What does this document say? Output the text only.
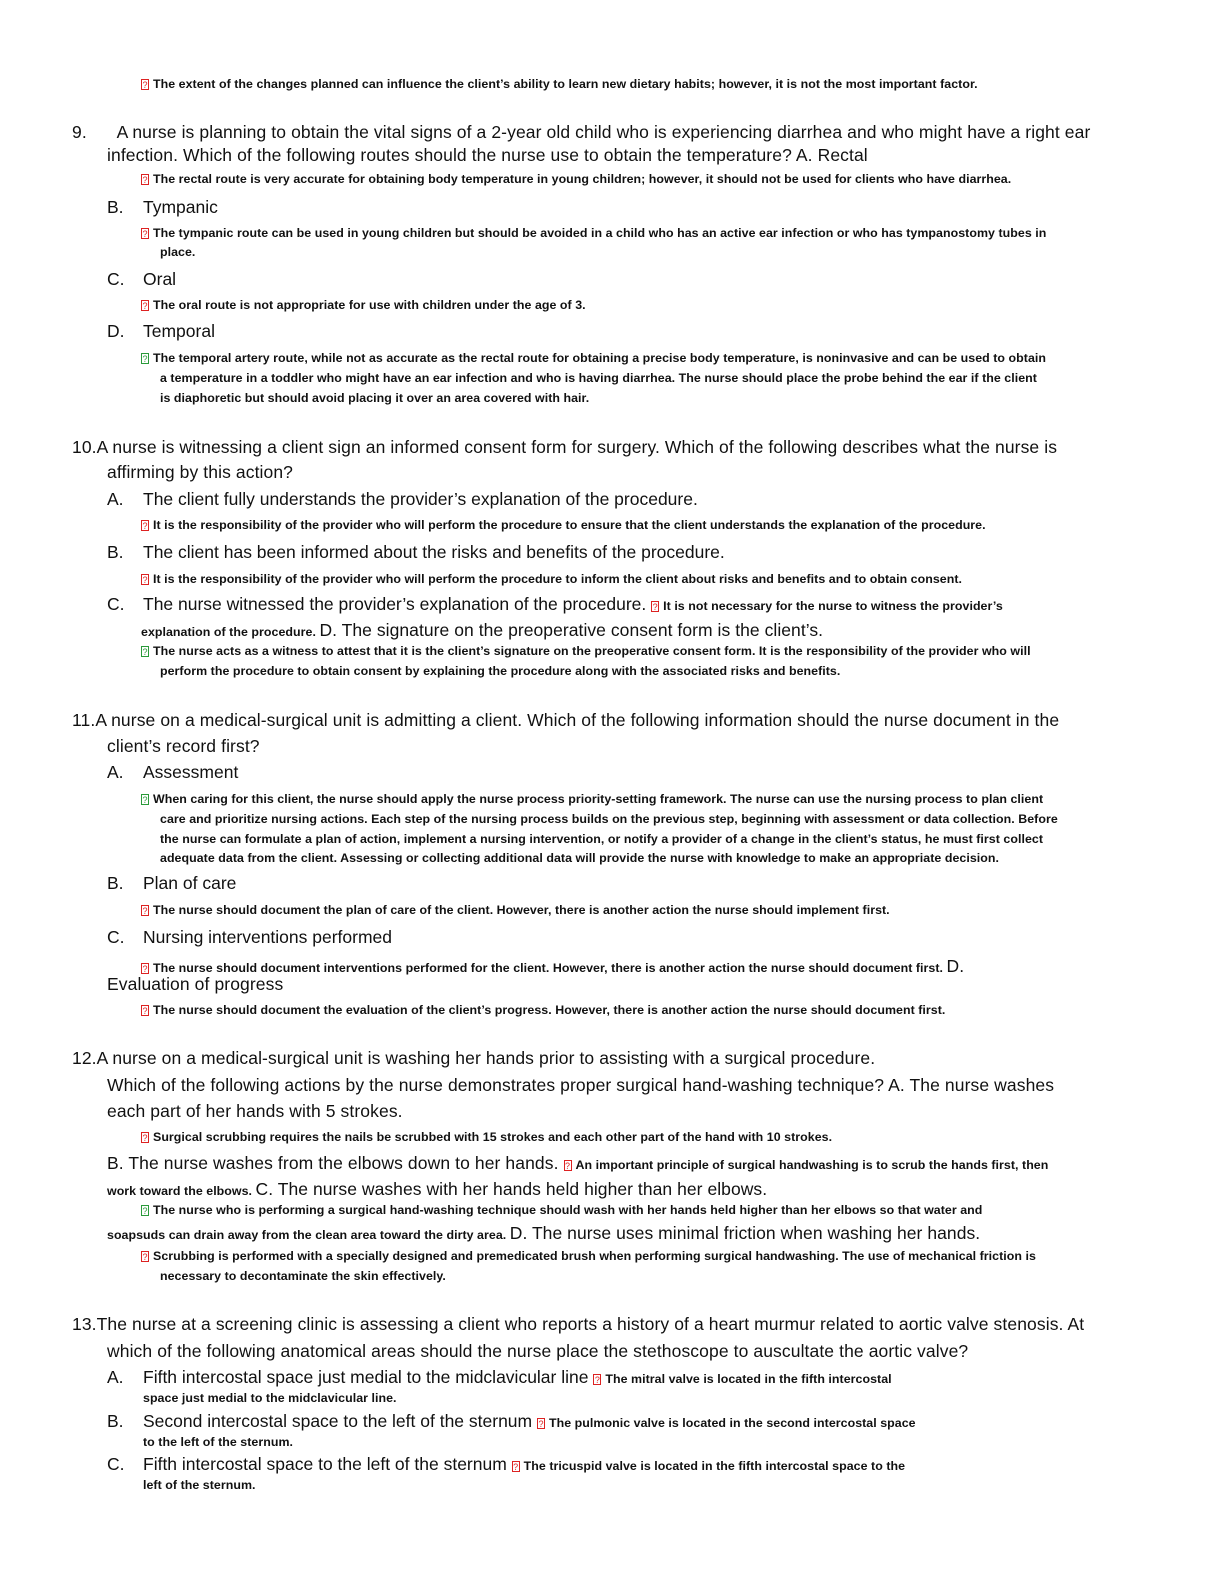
? The extent of the changes planned can influence the client’s ability to learn new dietary habits; however, it is not the most important factor.
9.      A nurse is planning to obtain the vital signs of a 2-year old child who is experiencing diarrhea and who might have a right ear
infection. Which of the following routes should the nurse use to obtain the temperature? A. Rectal
? The rectal route is very accurate for obtaining body temperature in young children; however, it should not be used for clients who have diarrhea.
B. Tympanic
? The tympanic route can be used in young children but should be avoided in a child who has an active ear infection or who has tympanostomy tubes in
place.
C. Oral
? The oral route is not appropriate for use with children under the age of 3.
D. Temporal
? The temporal artery route, while not as accurate as the rectal route for obtaining a precise body temperature, is noninvasive and can be used to obtain
a temperature in a toddler who might have an ear infection and who is having diarrhea. The nurse should place the probe behind the ear if the client
is diaphoretic but should avoid placing it over an area covered with hair.
10.A nurse is witnessing a client sign an informed consent form for surgery. Which of the following describes what the nurse is
affirming by this action?
A. The client fully understands the provider’s explanation of the procedure.
? It is the responsibility of the provider who will perform the procedure to ensure that the client understands the explanation of the procedure.
B. The client has been informed about the risks and benefits of the procedure.
? It is the responsibility of the provider who will perform the procedure to inform the client about risks and benefits and to obtain consent.
C. The nurse witnessed the provider’s explanation of the procedure. ? It is not necessary for the nurse to witness the provider’s
explanation of the procedure. D. The signature on the preoperative consent form is the client’s.
? The nurse acts as a witness to attest that it is the client’s signature on the preoperative consent form. It is the responsibility of the provider who will
perform the procedure to obtain consent by explaining the procedure along with the associated risks and benefits.
11.A nurse on a medical-surgical unit is admitting a client. Which of the following information should the nurse document in the
client’s record first?
A. Assessment
? When caring for this client, the nurse should apply the nurse process priority-setting framework. The nurse can use the nursing process to plan client
care and prioritize nursing actions. Each step of the nursing process builds on the previous step, beginning with assessment or data collection. Before
the nurse can formulate a plan of action, implement a nursing intervention, or notify a provider of a change in the client’s status, he must first collect
adequate data from the client. Assessing or collecting additional data will provide the nurse with knowledge to make an appropriate decision.
B. Plan of care
? The nurse should document the plan of care of the client. However, there is another action the nurse should implement first.
C. Nursing interventions performed
? The nurse should document interventions performed for the client. However, there is another action the nurse should document first. D.
Evaluation of progress
? The nurse should document the evaluation of the client’s progress. However, there is another action the nurse should document first.
12.A nurse on a medical-surgical unit is washing her hands prior to assisting with a surgical procedure.
Which of the following actions by the nurse demonstrates proper surgical hand-washing technique? A. The nurse washes
each part of her hands with 5 strokes.
? Surgical scrubbing requires the nails be scrubbed with 15 strokes and each other part of the hand with 10 strokes.
B. The nurse washes from the elbows down to her hands. ? An important principle of surgical handwashing is to scrub the hands first, then
work toward the elbows. C. The nurse washes with her hands held higher than her elbows.
? The nurse who is performing a surgical hand-washing technique should wash with her hands held higher than her elbows so that water and
soapsuds can drain away from the clean area toward the dirty area. D. The nurse uses minimal friction when washing her hands.
? Scrubbing is performed with a specially designed and premedicated brush when performing surgical handwashing. The use of mechanical friction is
necessary to decontaminate the skin effectively.
13.The nurse at a screening clinic is assessing a client who reports a history of a heart murmur related to aortic valve stenosis. At
which of the following anatomical areas should the nurse place the stethoscope to auscultate the aortic valve?
A. Fifth intercostal space just medial to the midclavicular line ? The mitral valve is located in the fifth intercostal
space just medial to the midclavicular line.
B. Second intercostal space to the left of the sternum ? The pulmonic valve is located in the second intercostal space
to the left of the sternum.
C. Fifth intercostal space to the left of the sternum ? The tricuspid valve is located in the fifth intercostal space to the
left of the sternum.
